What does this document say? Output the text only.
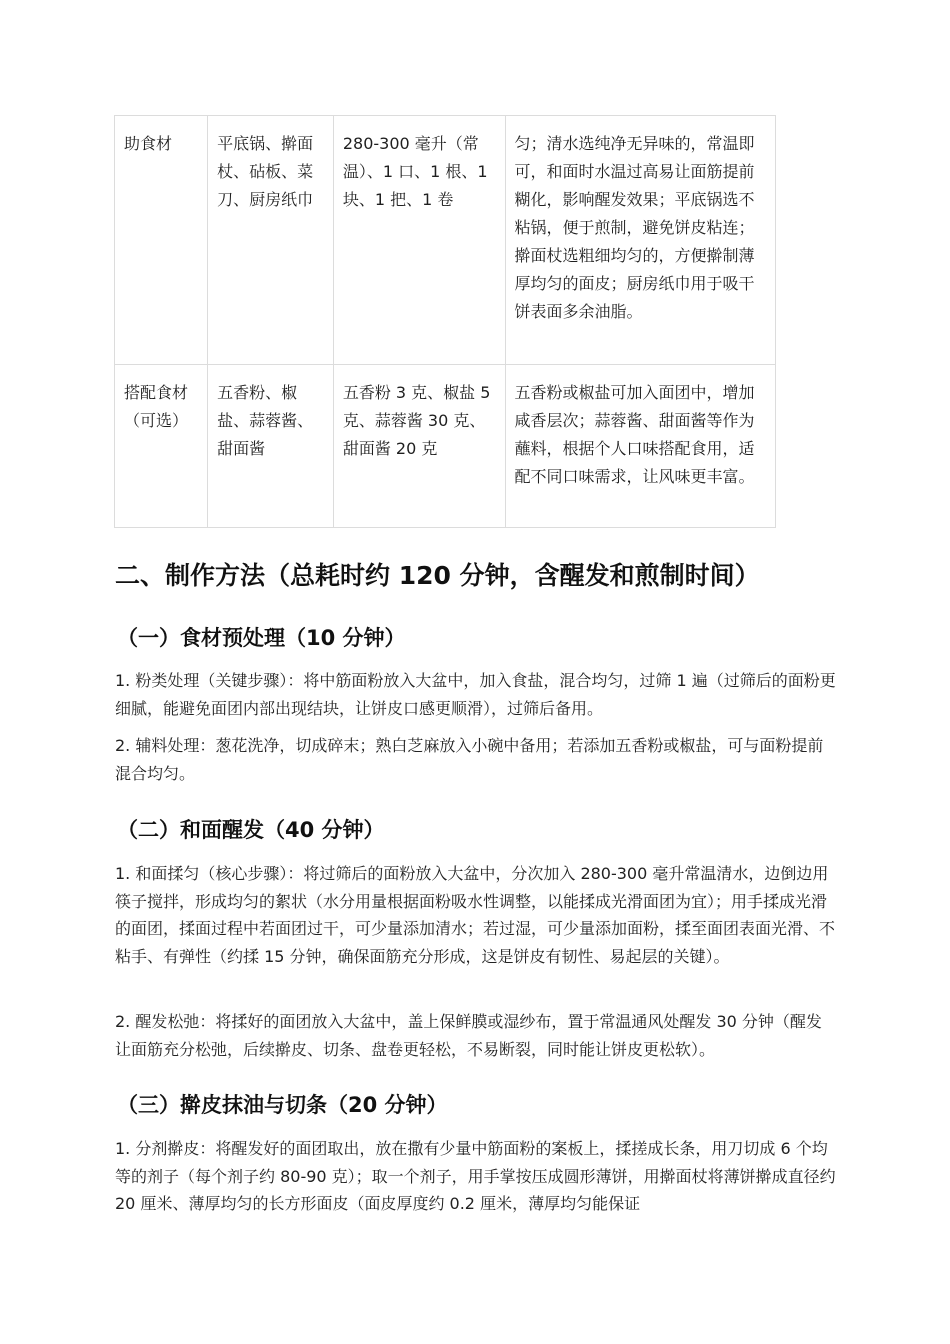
助食材	平底锅、擀面杖、砧板、菜刀、厨房纸巾	280-300 毫升（常温）、1 口、1 根、1 块、1 把、1 卷	匀；清水选纯净无异味的，常温即可，和面时水温过高易让面筋提前糊化，影响醒发效果；平底锅选不粘锅，便于煎制，避免饼皮粘连；擀面杖选粗细均匀的，方便擀制薄厚均匀的面皮；厨房纸巾用于吸干饼表面多余油脂。
搭配食材（可选）	五香粉、椒盐、蒜蓉酱、甜面酱	五香粉 3 克、椒盐 5 克、蒜蓉酱 30 克、甜面酱 20 克	五香粉或椒盐可加入面团中，增加咸香层次；蒜蓉酱、甜面酱等作为蘸料，根据个人口味搭配食用，适配不同口味需求，让风味更丰富。
二、制作方法（总耗时约 120 分钟，含醒发和煎制时间）
（一）食材预处理（10 分钟）

1. 粉类处理（关键步骤）：将中筋面粉放入大盆中，加入食盐，混合均匀，过筛 1 遍（过筛后的面粉更细腻，能避免面团内部出现结块，让饼皮口感更顺滑），过筛后备用。

2. 辅料处理：葱花洗净，切成碎末；熟白芝麻放入小碗中备用；若添加五香粉或椒盐，可与面粉提前混合均匀。

（二）和面醒发（40 分钟）

1. 和面揉匀（核心步骤）：将过筛后的面粉放入大盆中，分次加入 280-300 毫升常温清水，边倒边用筷子搅拌，形成均匀的絮状（水分用量根据面粉吸水性调整，以能揉成光滑面团为宜）；用手揉成光滑的面团，揉面过程中若面团过干，可少量添加清水；若过湿，可少量添加面粉，揉至面团表面光滑、不粘手、有弹性（约揉 15 分钟，确保面筋充分形成，这是饼皮有韧性、易起层的关键）。

2. 醒发松弛：将揉好的面团放入大盆中，盖上保鲜膜或湿纱布，置于常温通风处醒发 30 分钟（醒发让面筋充分松弛，后续擀皮、切条、盘卷更轻松，不易断裂，同时能让饼皮更松软）。

（三）擀皮抹油与切条（20 分钟）

1. 分剂擀皮：将醒发好的面团取出，放在撒有少量中筋面粉的案板上，揉搓成长条，用刀切成 6 个均等的剂子（每个剂子约 80-90 克）；取一个剂子，用手掌按压成圆形薄饼，用擀面杖将薄饼擀成直径约 20 厘米、薄厚均匀的长方形面皮（面皮厚度约 0.2 厘米，薄厚均匀能保证
